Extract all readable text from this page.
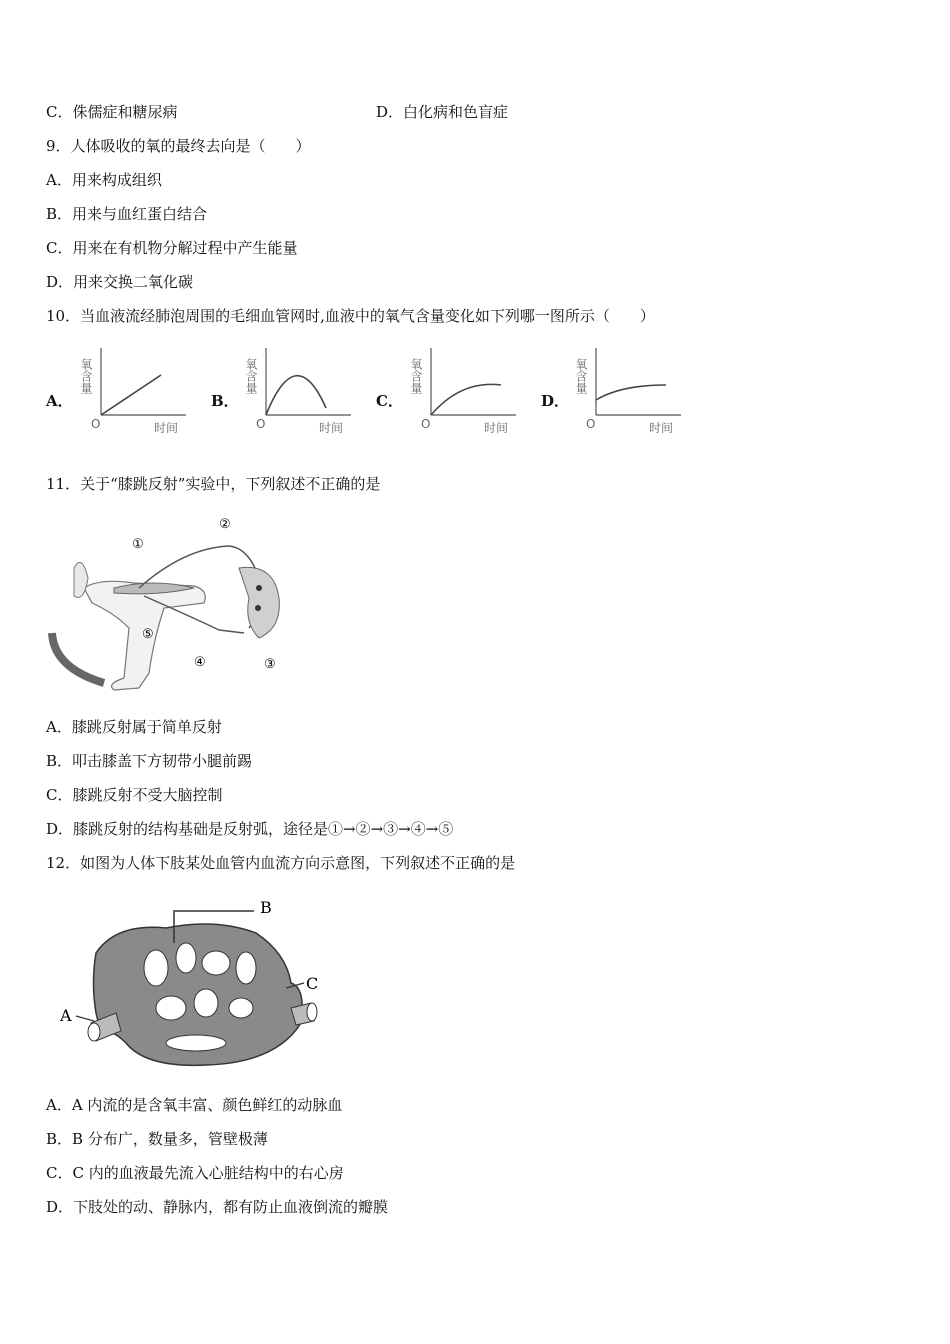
C．侏儒症和糖尿病	D．白化病和色盲症
9．人体吸收的氧的最终去向是（　　）
A．用来构成组织
B．用来与血红蛋白结合
C．用来在有机物分解过程中产生能量
D．用来交换二氧化碳
10．当血液流经肺泡周围的毛细血管网时,血液中的氧气含量变化如下列哪一图所示（　　）
A．
氧含量
O	时间
B．
氧含量
O	时间
C．
氧含量
O	时间
D．
氧含量
O	时间
11．关于“膝跳反射”实验中，下列叙述不正确的是
①
②
③
④
⑤
A．膝跳反射属于简单反射
B．叩击膝盖下方韧带小腿前踢
C．膝跳反射不受大脑控制
D．膝跳反射的结构基础是反射弧，途径是①→②→③→④→⑤
12．如图为人体下肢某处血管内血流方向示意图，下列叙述不正确的是
A
B
C
A．A 内流的是含氧丰富、颜色鲜红的动脉血
B．B 分布广，数量多，管壁极薄
C．C 内的血液最先流入心脏结构中的右心房
D．下肢处的动、静脉内，都有防止血液倒流的瓣膜
